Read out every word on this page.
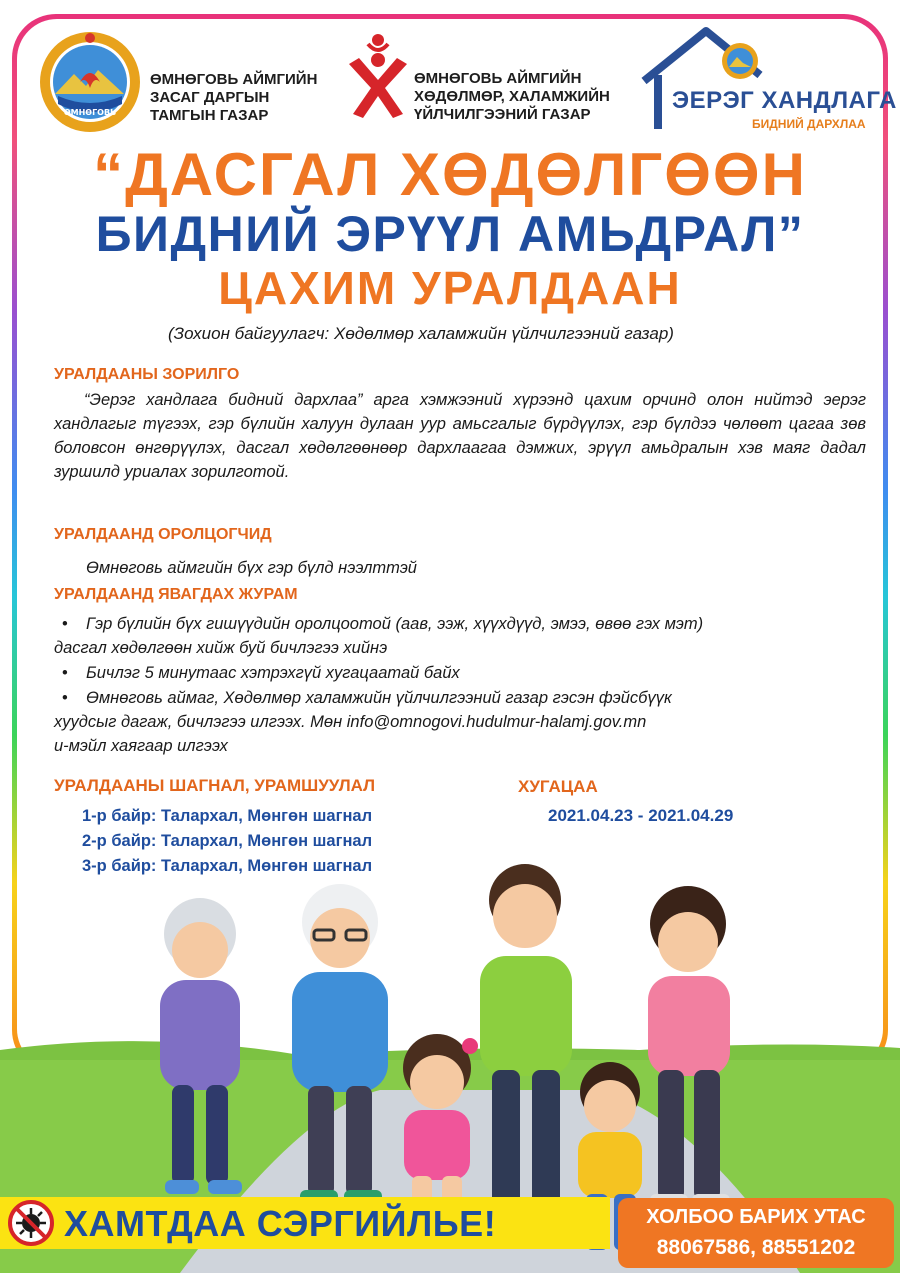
ӨМНӨГОВЬ
ӨМНӨГОВЬ АЙМГИЙН
ЗАСАГ ДАРГЫН
ТАМГЫН ГАЗАР
ӨМНӨГОВЬ АЙМГИЙН
ХӨДӨЛМӨР, ХАЛАМЖИЙН
ҮЙЛЧИЛГЭЭНИЙ ГАЗАР
ЭЕРЭГ ХАНДЛАГА
БИДНИЙ ДАРХЛАА
“ДАСГАЛ ХӨДӨЛГӨӨН
БИДНИЙ ЭРҮҮЛ АМЬДРАЛ”
ЦАХИМ УРАЛДААН
(Зохион байгуулагч: Хөдөлмөр халамжийн үйлчилгээний газар)
УРАЛДААНЫ ЗОРИЛГО
“Эерэг хандлага бидний дархлаа” арга хэмжээний хүрээнд цахим орчинд олон нийтэд эерэг хандлагыг түгээх, гэр бүлийн халуун дулаан уур амьсгалыг бүрдүүлэх, гэр бүлдээ чөлөөт цагаа зөв боловсон өнгөрүүлэх, дасгал хөдөлгөөнөөр дархлаагаа дэмжих, эрүүл амьдралын хэв маяг дадал зуршилд уриалах зорилготой.
УРАЛДААНД ОРОЛЦОГЧИД
Өмнөговь аймгийн бүх гэр бүлд нээлттэй
УРАЛДААНД ЯВАГДАХ ЖУРАМ
• Гэр бүлийн бүх гишүүдийн оролцоотой (аав, ээж, хүүхдүүд, эмээ, өвөө гэх мэт)
дасгал хөдөлгөөн хийж буй бичлэгээ хийнэ
• Бичлэг 5 минутаас хэтрэхгүй хугацаатай байх
• Өмнөговь аймаг, Хөдөлмөр халамжийн үйлчилгээний газар гэсэн фэйсбүүк
хуудсыг дагаж, бичлэгээ илгээх. Мөн info@omnogovi.hudulmur-halamj.gov.mn
и-мэйл хаягаар илгээх
УРАЛДААНЫ ШАГНАЛ, УРАМШУУЛАЛ
1-р байр: Талархал, Мөнгөн шагнал
2-р байр: Талархал, Мөнгөн шагнал
3-р байр: Талархал, Мөнгөн шагнал
ХУГАЦАА
2021.04.23 - 2021.04.29
ХАМТДАА СЭРГИЙЛЬЕ!	ХОЛБОО БАРИХ УТАС
88067586, 88551202
